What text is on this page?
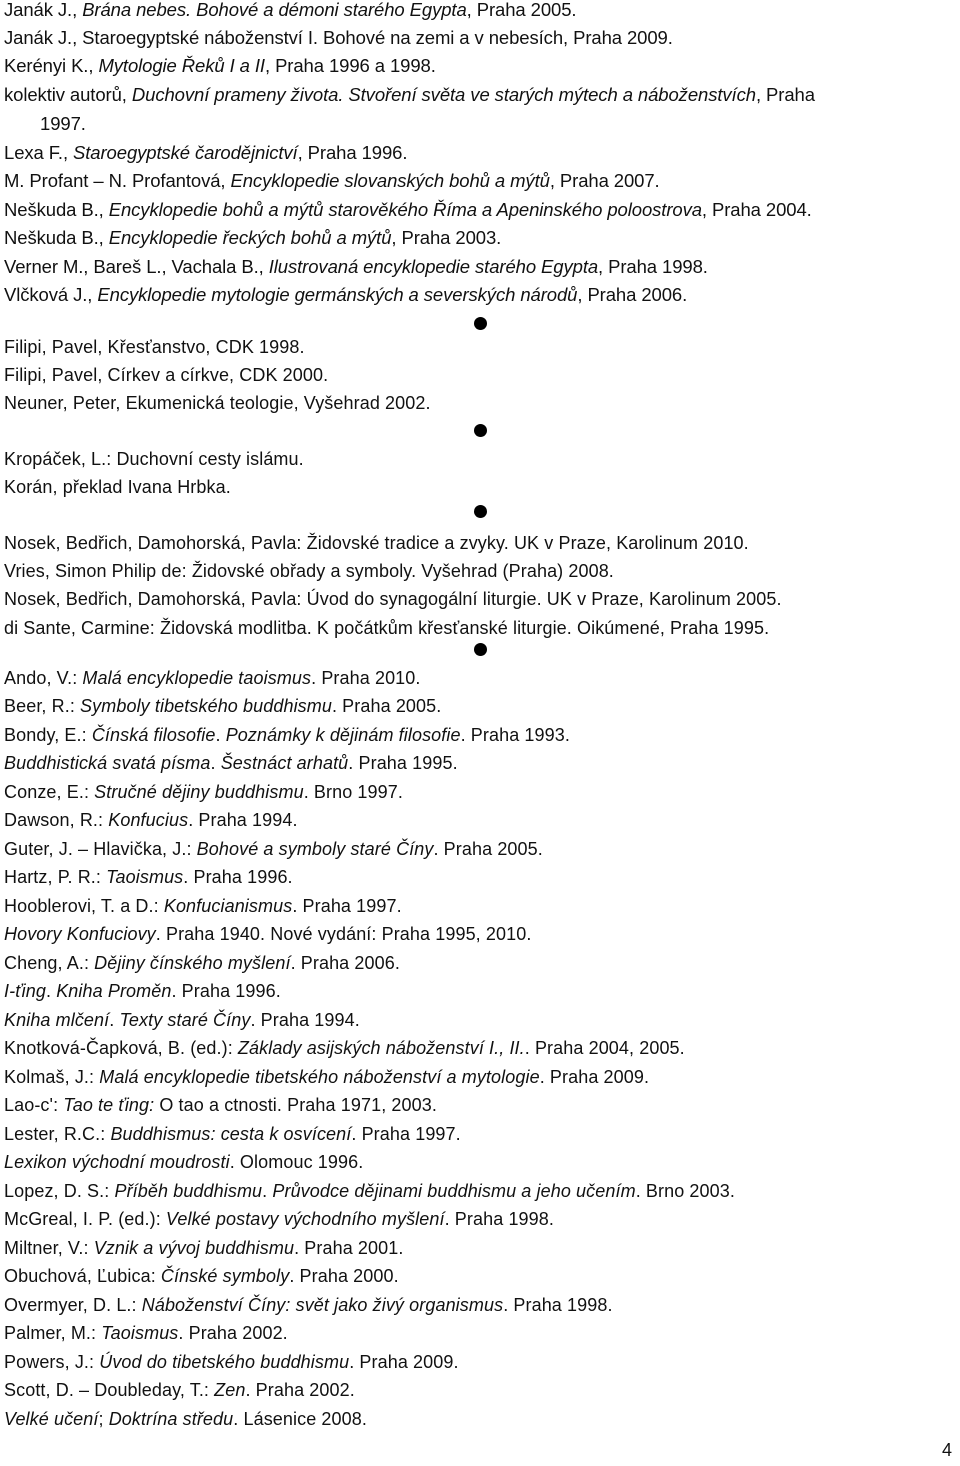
Janák J., Brána nebes. Bohové a démoni starého Egypta, Praha 2005.
Janák J., Staroegyptské náboženství I. Bohové na zemi a v nebesích, Praha 2009.
Kerényi K., Mytologie Řeků I a II, Praha 1996 a 1998.
kolektiv autorů, Duchovní prameny života. Stvoření světa ve starých mýtech a náboženstvích, Praha
1997.
Lexa F., Staroegyptské čarodějnictví, Praha 1996.
M. Profant – N. Profantová, Encyklopedie slovanských bohů a mýtů, Praha 2007.
Neškuda B., Encyklopedie bohů a mýtů starověkého Říma a Apeninského poloostrova, Praha 2004.
Neškuda B., Encyklopedie řeckých bohů a mýtů, Praha 2003.
Verner M., Bareš L., Vachala B., Ilustrovaná encyklopedie starého Egypta, Praha 1998.
Vlčková J., Encyklopedie mytologie germánských a severských národů, Praha 2006.
Filipi, Pavel, Křesťanstvo, CDK 1998.
Filipi, Pavel, Církev a církve, CDK 2000.
Neuner, Peter, Ekumenická teologie, Vyšehrad 2002.
Kropáček, L.: Duchovní cesty islámu.
Korán, překlad Ivana Hrbka.
Nosek, Bedřich, Damohorská, Pavla: Židovské tradice a zvyky. UK v Praze, Karolinum 2010.
Vries, Simon Philip de: Židovské obřady a symboly. Vyšehrad (Praha) 2008.
Nosek, Bedřich, Damohorská, Pavla: Úvod do synagogální liturgie. UK v Praze, Karolinum 2005.
di Sante, Carmine: Židovská modlitba. K počátkům křesťanské liturgie. Oikúmené, Praha 1995.
Ando, V.: Malá encyklopedie taoismus. Praha 2010.
Beer, R.: Symboly tibetského buddhismu. Praha 2005.
Bondy, E.: Čínská filosofie. Poznámky k dějinám filosofie. Praha 1993.
Buddhistická svatá písma. Šestnáct arhatů. Praha 1995.
Conze, E.: Stručné dějiny buddhismu. Brno 1997.
Dawson, R.: Konfucius. Praha 1994.
Guter, J. – Hlavička, J.: Bohové a symboly staré Číny. Praha 2005.
Hartz, P. R.: Taoismus. Praha 1996.
Hooblerovi, T. a D.: Konfucianismus. Praha 1997.
Hovory Konfuciovy. Praha 1940. Nové vydání: Praha 1995, 2010.
Cheng, A.: Dějiny čínského myšlení. Praha 2006.
I-ťing. Kniha Proměn. Praha 1996.
Kniha mlčení. Texty staré Číny. Praha 1994.
Knotková-Čapková, B. (ed.): Základy asijských náboženství I., II.. Praha 2004, 2005.
Kolmaš, J.: Malá encyklopedie tibetského náboženství a mytologie. Praha 2009.
Lao-c': Tao te ťing: O tao a ctnosti. Praha 1971, 2003.
Lester, R.C.: Buddhismus: cesta k osvícení. Praha 1997.
Lexikon východní moudrosti. Olomouc 1996.
Lopez, D. S.: Příběh buddhismu. Průvodce dějinami buddhismu a jeho učením. Brno 2003.
McGreal, I. P. (ed.): Velké postavy východního myšlení. Praha 1998.
Miltner, V.: Vznik a vývoj buddhismu. Praha 2001.
Obuchová, Ľubica: Čínské symboly. Praha 2000.
Overmyer, D. L.: Náboženství Číny: svět jako živý organismus. Praha 1998.
Palmer, M.: Taoismus. Praha 2002.
Powers, J.: Úvod do tibetského buddhismu. Praha 2009.
Scott, D. – Doubleday, T.: Zen. Praha 2002.
Velké učení; Doktrína středu. Lásenice 2008.
4
